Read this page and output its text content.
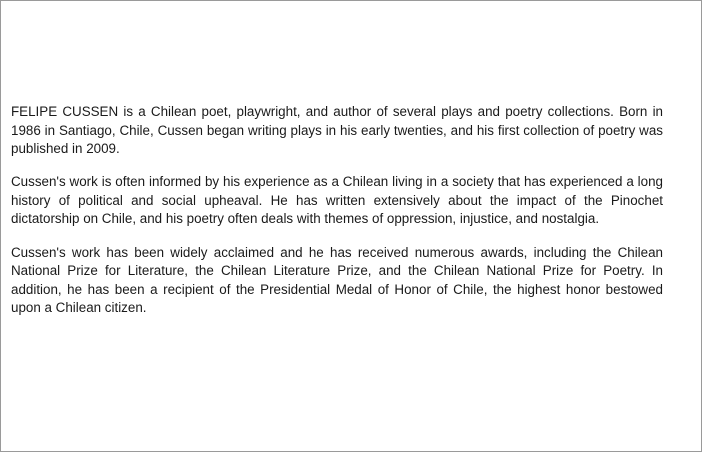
FELIPE CUSSEN is a Chilean poet, playwright, and author of several plays and poetry collections. Born in 1986 in Santiago, Chile, Cussen began writing plays in his early twenties, and his first collection of poetry was published in 2009.

Cussen's work is often informed by his experience as a Chilean living in a society that has experienced a long history of political and social upheaval. He has written extensively about the impact of the Pinochet dictatorship on Chile, and his poetry often deals with themes of oppression, injustice, and nostalgia.

Cussen's work has been widely acclaimed and he has received numerous awards, including the Chilean National Prize for Literature, the Chilean Literature Prize, and the Chilean National Prize for Poetry. In addition, he has been a recipient of the Presidential Medal of Honor of Chile, the highest honor bestowed upon a Chilean citizen.
